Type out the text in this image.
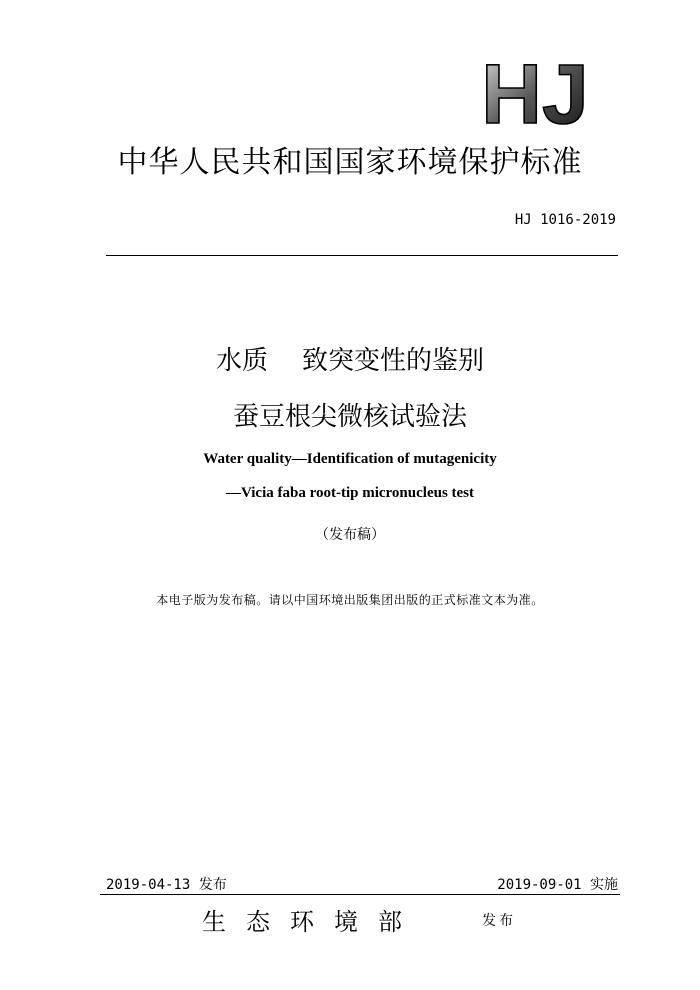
HJ
中华人民共和国国家环境保护标准
HJ 1016-2019
水质 致突变性的鉴别
蚕豆根尖微核试验法
Water quality—Identification of mutagenicity
—Vicia faba root-tip micronucleus test
（发布稿）
本电子版为发布稿。请以中国环境出版集团出版的正式标准文本为准。
2019-04-13 发布	2019-09-01 实施
生态环境部	发布
